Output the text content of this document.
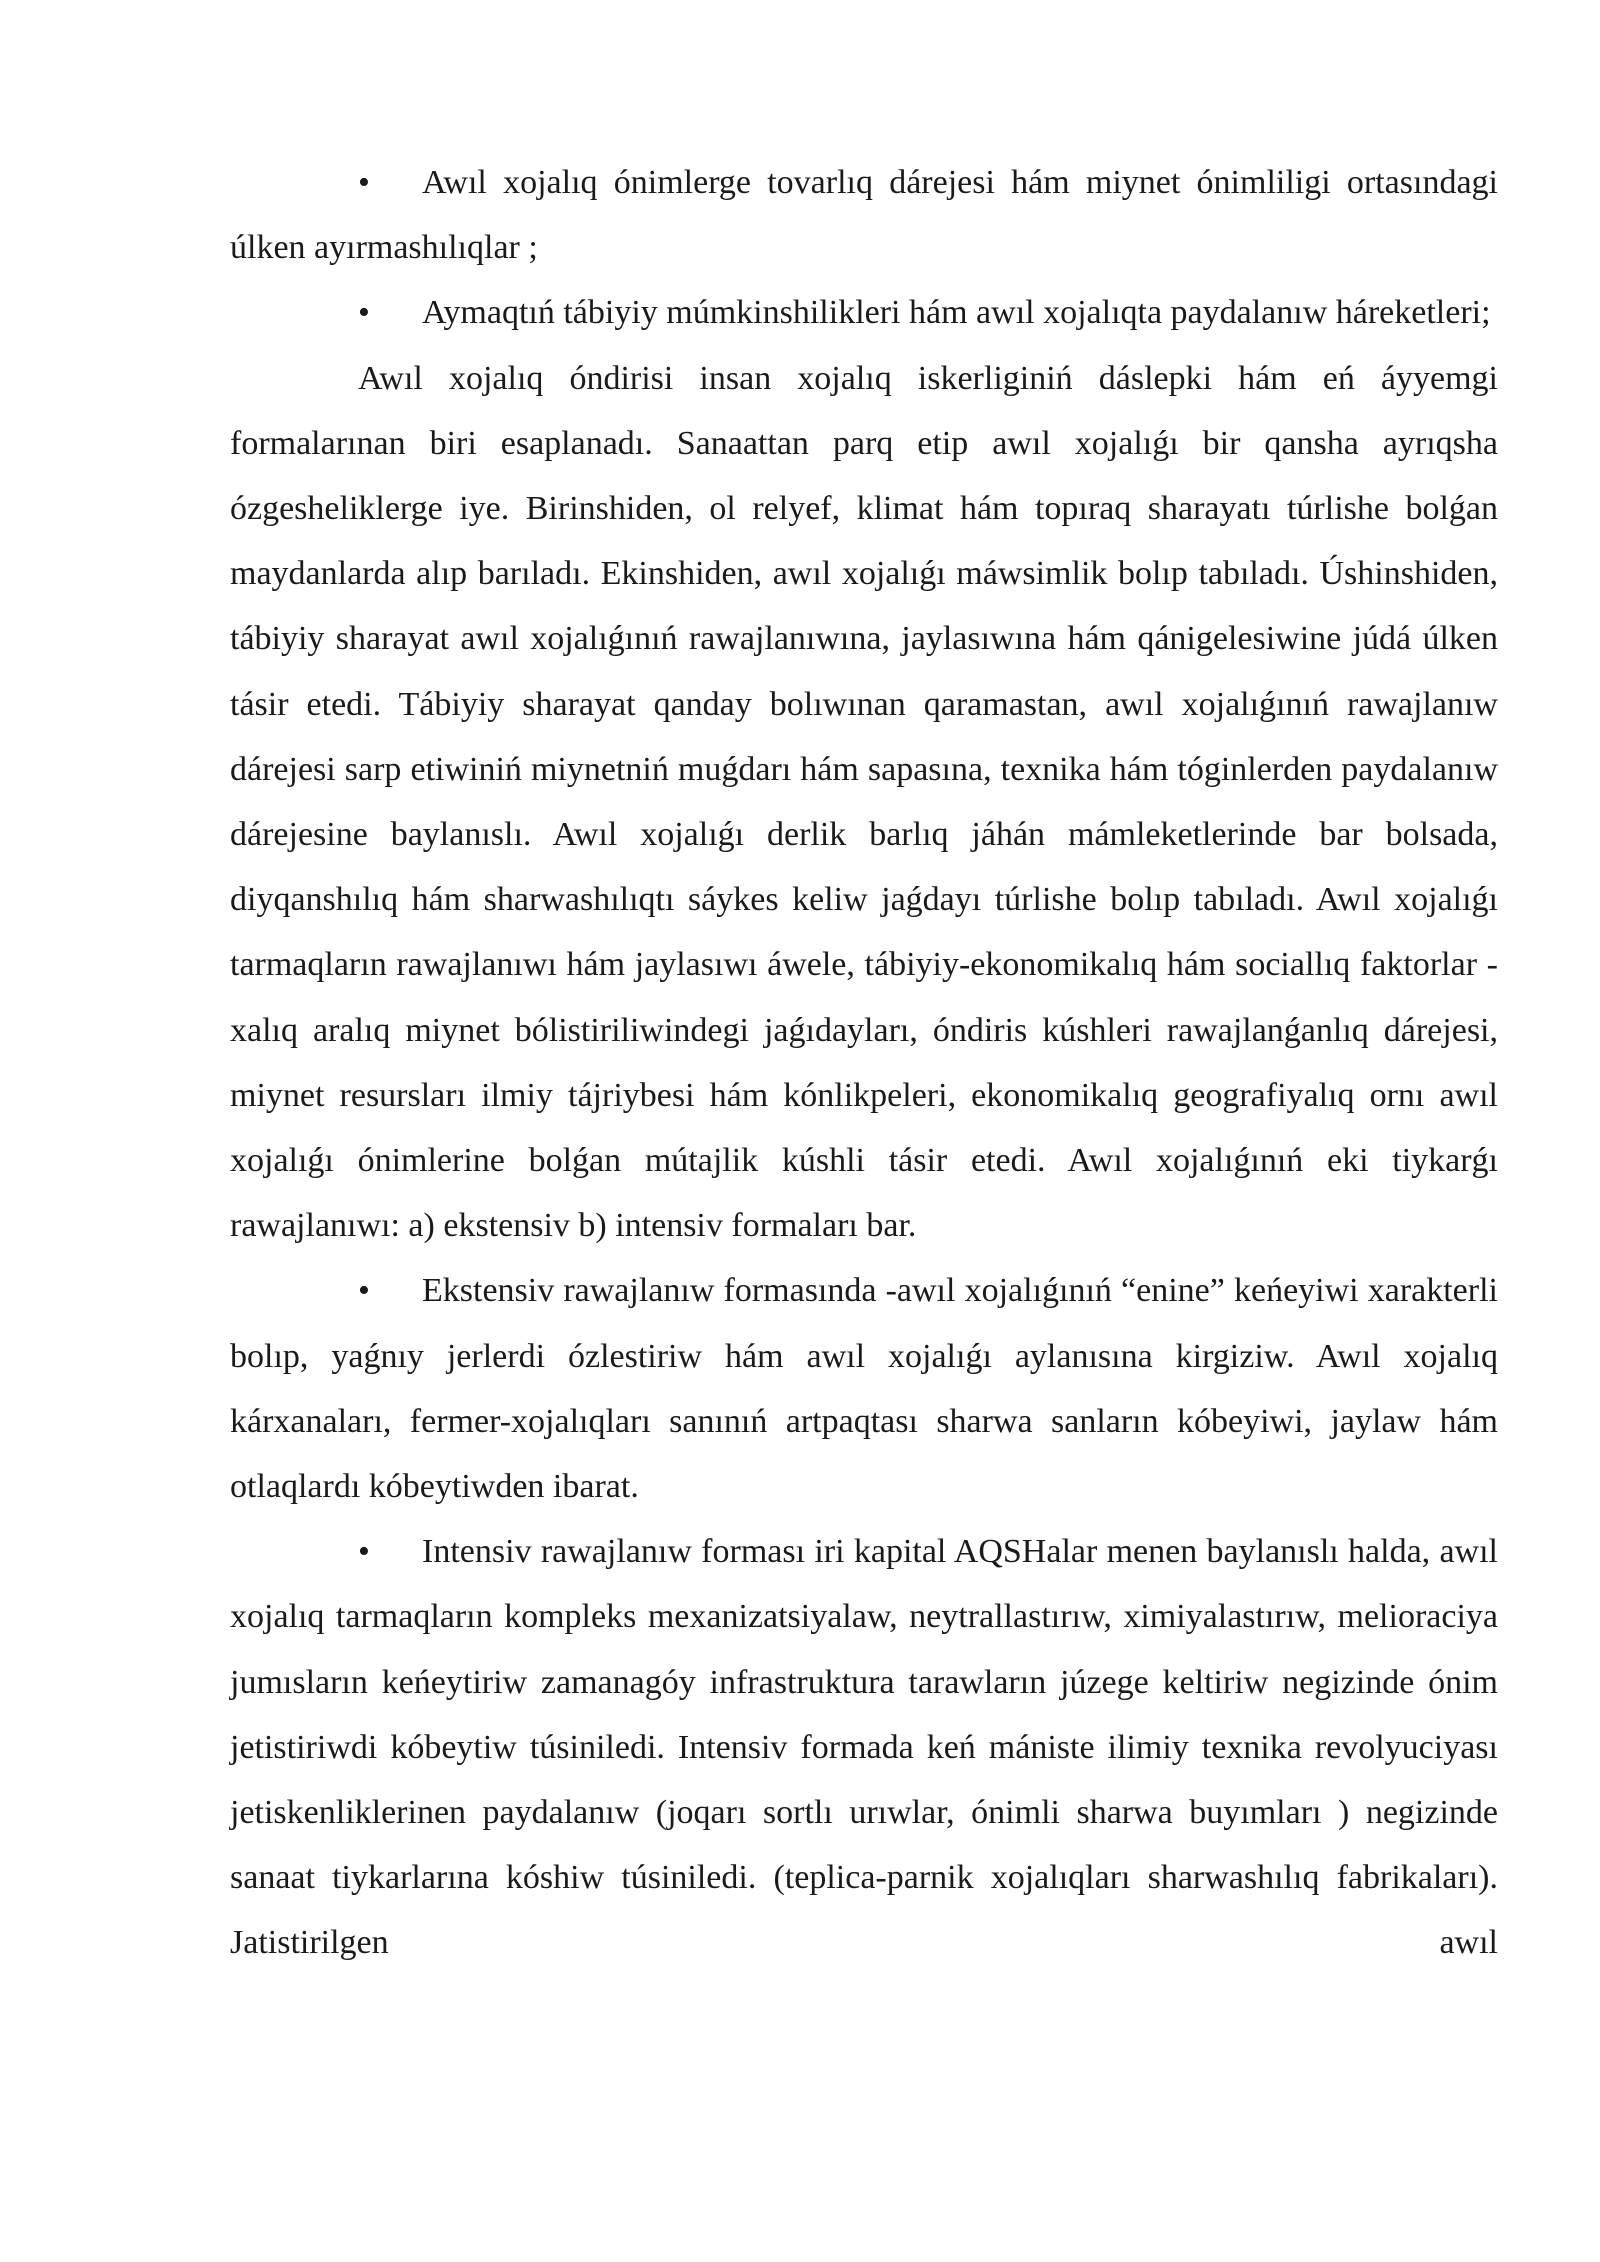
• Awıl xojalıq ónimlerge tovarlıq dárejesi hám miynet ónimliligi ortasındagi úlken ayırmashılıqlar ;

• Aymaqtıń tábiyiy múmkinshilikleri hám awıl xojalıqta paydalanıw háreketleri;

Awıl xojalıq óndirisi insan xojalıq iskerliginiń dáslepki hám eń áyyemgi formalarınan biri esaplanadı. Sanaattan parq etip awıl xojalıǵı bir qansha ayrıqsha ózgesheliklerge iye. Birinshiden, ol relyef, klimat hám topıraq sharayatı túrlishe bolǵan maydanlarda alıp barıladı. Ekinshiden, awıl xojalıǵı máwsimlik bolıp tabıladı. Úshinshiden, tábiyiy sharayat awıl xojalıǵınıń rawajlanıwına, jaylasıwına hám qánigelesiwine júdá úlken tásir etedi. Tábiyiy sharayat qanday bolıwınan qaramastan, awıl xojalıǵınıń rawajlanıw dárejesi sarp etiwiniń miynetniń muǵdarı hám sapasına, texnika hám tóginlerden paydalanıw dárejesine baylanıslı. Awıl xojalıǵı derlik barlıq jáhán mámleketlerinde bar bolsada, diyqanshılıq hám sharwashılıqtı sáykes keliw jaǵdayı túrlishe bolıp tabıladı. Awıl xojalıǵı tarmaqların rawajlanıwı hám jaylasıwı áwele, tábiyiy-ekonomikalıq hám sociallıq faktorlar -xalıq aralıq miynet bólistiriliwindegi jaǵıdayları, óndiris kúshleri rawajlanǵanlıq dárejesi, miynet resursları ilmiy tájriybesi hám kónlikpeleri, ekonomikalıq geografiyalıq ornı awıl xojalıǵı ónimlerine bolǵan mútajlik kúshli tásir etedi. Awıl xojalıǵınıń eki tiykarǵı rawajlanıwı: a) ekstensiv b) intensiv formaları bar.

• Ekstensiv rawajlanıw formasında -awıl xojalıǵınıń “enine” keńeyiwi xarakterli bolıp, yaǵnıy jerlerdi ózlestiriw hám awıl xojalıǵı aylanısına kirgiziw. Awıl xojalıq kárxanaları, fermer-xojalıqları sanınıń artpaqtası sharwa sanların kóbeyiwi, jaylaw hám otlaqlardı kóbeytiwden ibarat.

• Intensiv rawajlanıw forması iri kapital AQSHalar menen baylanıslı halda, awıl xojalıq tarmaqların kompleks mexanizatsiyalaw, neytrallastırıw, ximiyalastırıw, melioraciya jumısların keńeytiriw zamanagóy infrastruktura tarawların júzege keltiriw negizinde ónim jetistiriwdi kóbeytiw túsiniledi. Intensiv formada keń mániste ilimiy texnika revolyuciyası jetiskenliklerinen paydalanıw (joqarı sortlı urıwlar, ónimli sharwa buyımları ) negizinde sanaat tiykarlarına kóshiw túsiniledi. (teplica-parnik xojalıqları sharwashılıq fabrikaları). Jatistirilgen awıl
